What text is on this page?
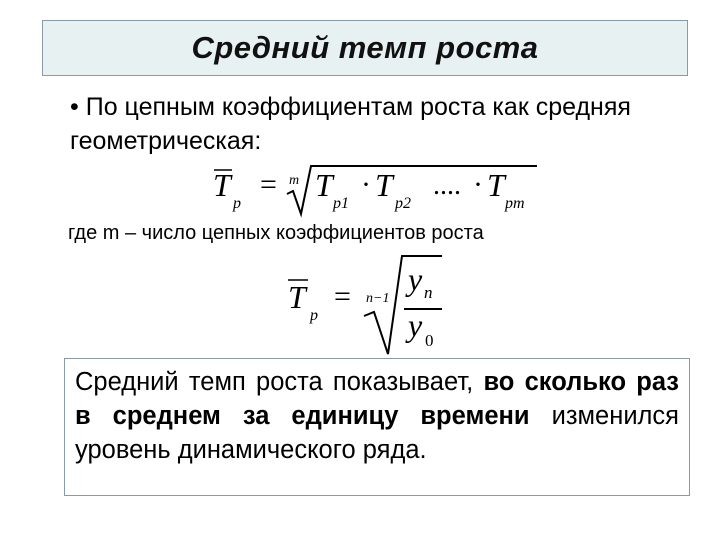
Средний темп роста
• По цепным коэффициентам роста как средняя геометрическая:
T
p
= m T
p1
· T
p2
.... · T
pm
где m – число цепных коэффициентов роста
T
p
= n−1
y n
y 0

Средний темп роста показывает, во сколько раз в среднем за единицу времени изменился уровень динамического ряда.
